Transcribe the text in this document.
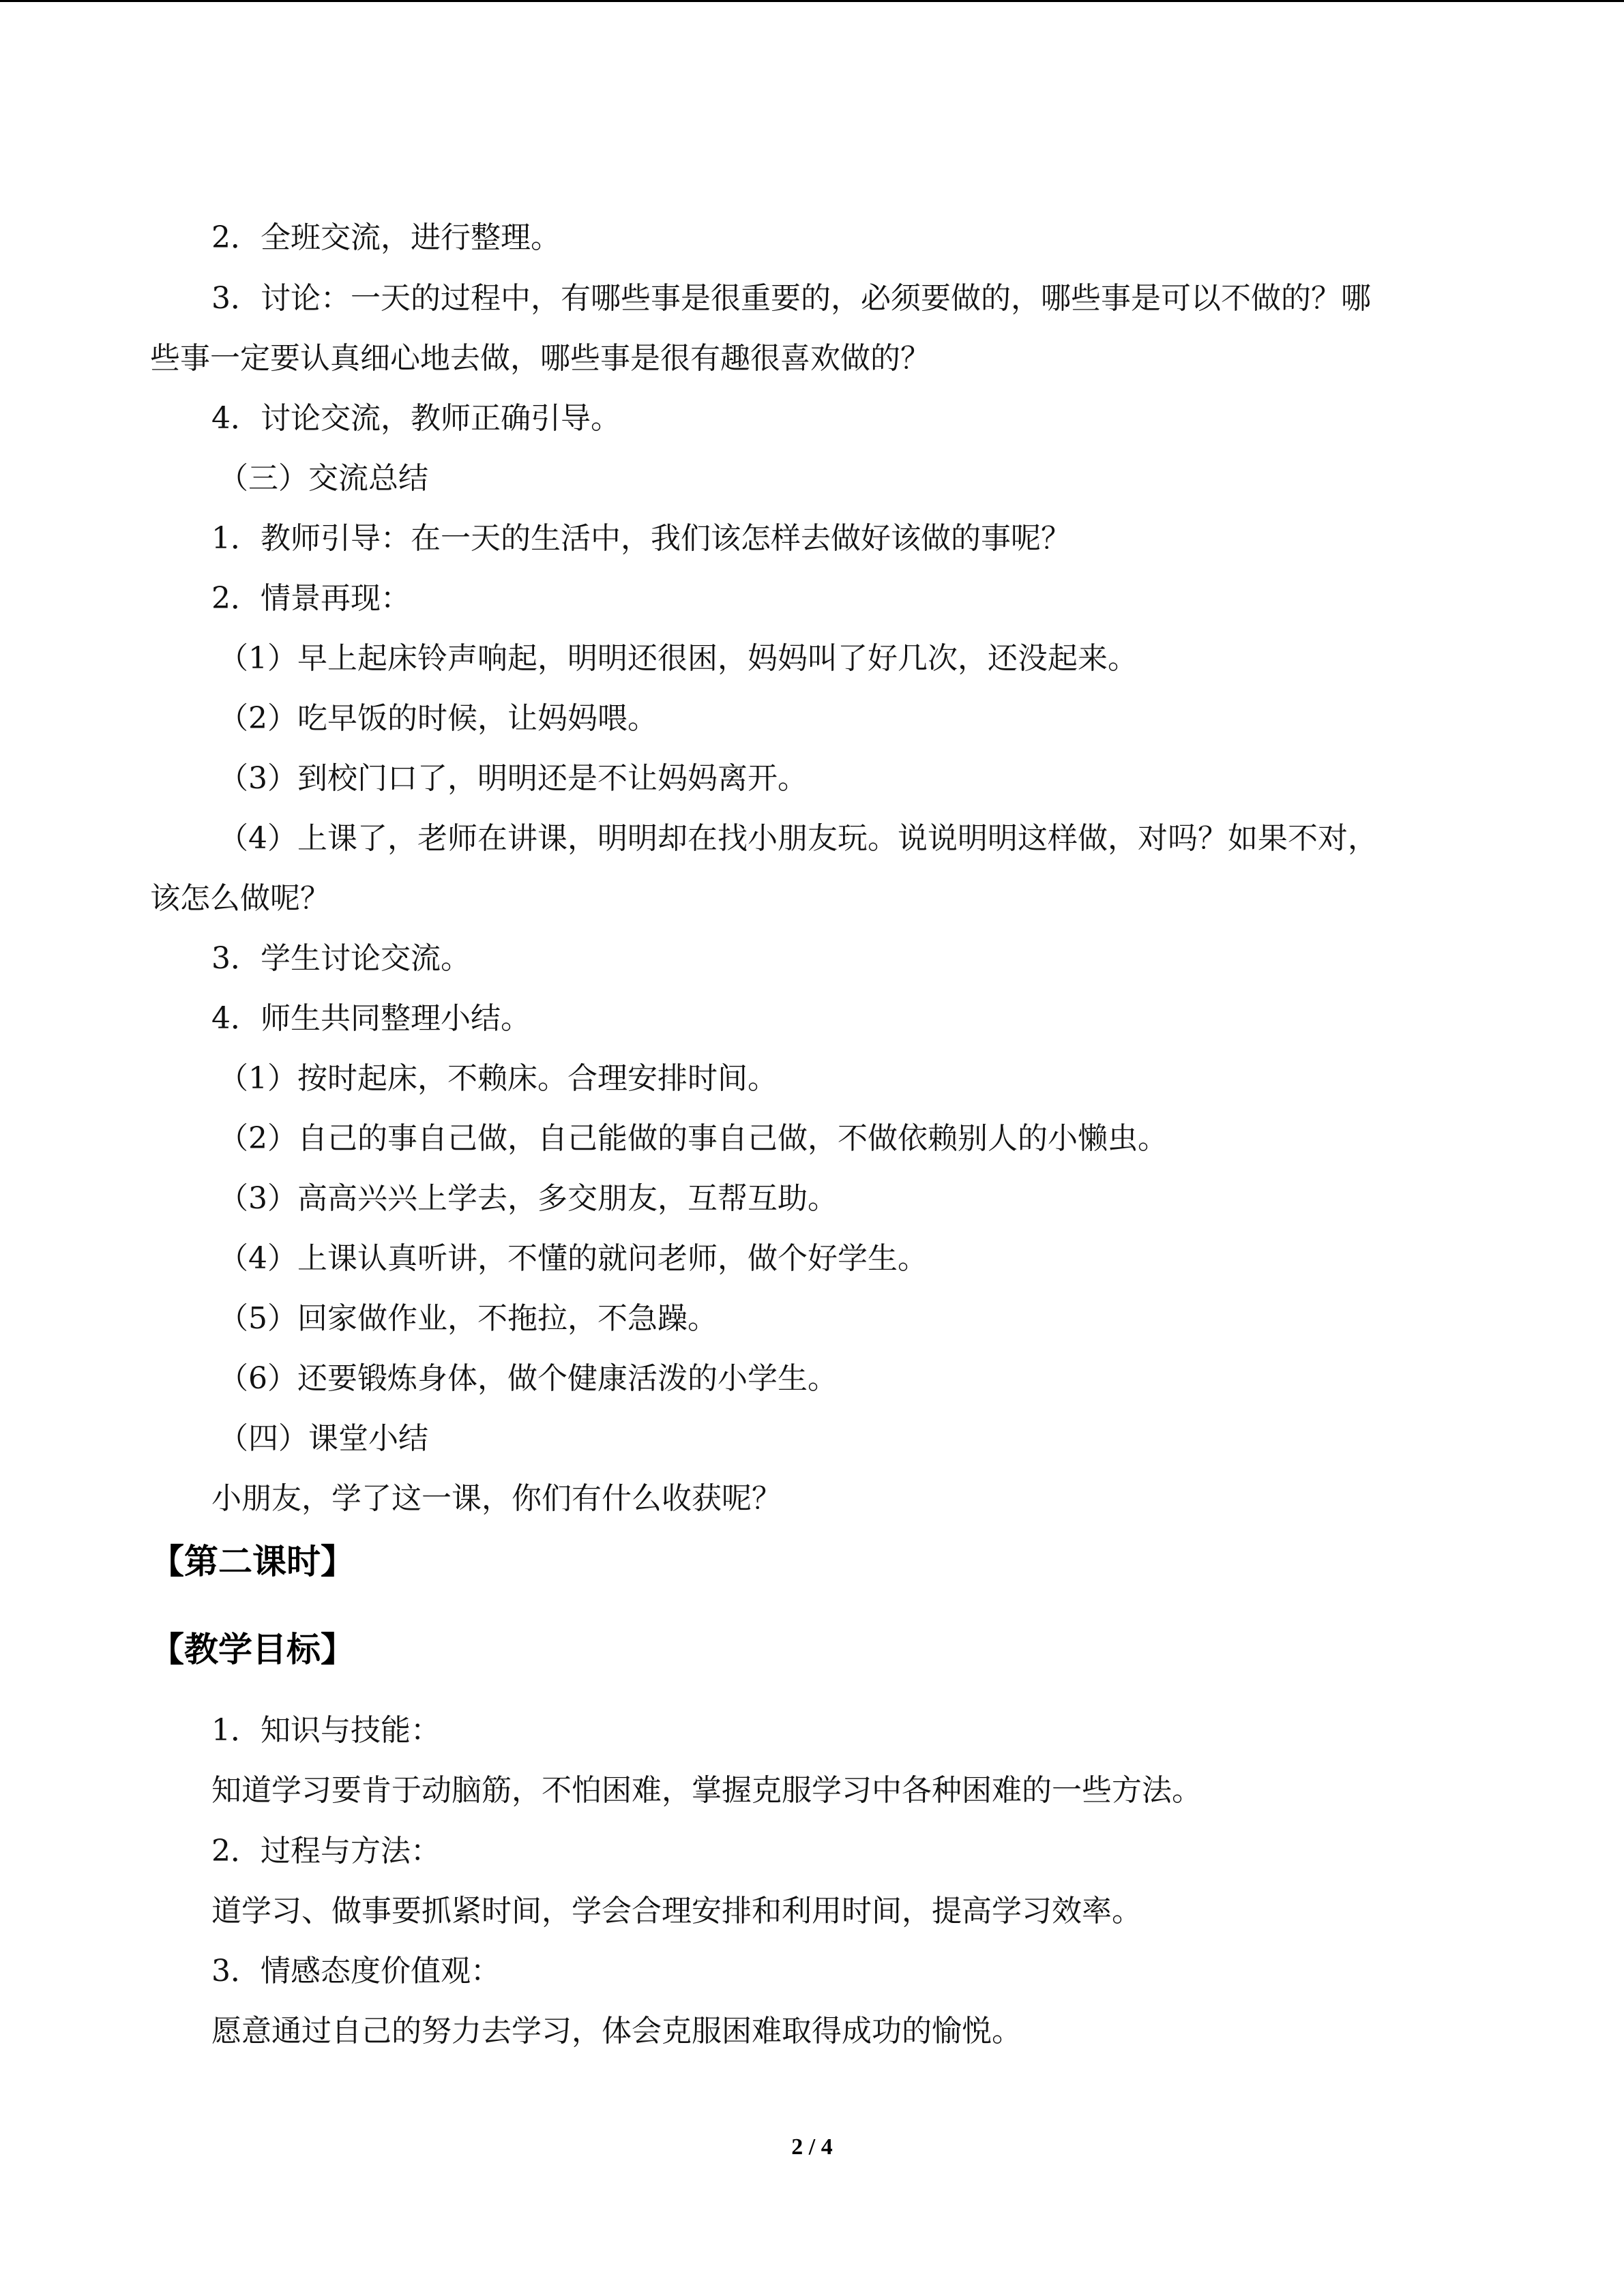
2．全班交流，进行整理。

3．讨论：一天的过程中，有哪些事是很重要的，必须要做的，哪些事是可以不做的？哪

些事一定要认真细心地去做，哪些事是很有趣很喜欢做的？

4．讨论交流，教师正确引导。

（三）交流总结

1．教师引导：在一天的生活中，我们该怎样去做好该做的事呢？

2．情景再现：

（1）早上起床铃声响起，明明还很困，妈妈叫了好几次，还没起来。

（2）吃早饭的时候，让妈妈喂。

（3）到校门口了，明明还是不让妈妈离开。

（4）上课了，老师在讲课，明明却在找小朋友玩。说说明明这样做，对吗？如果不对，

该怎么做呢？

3．学生讨论交流。

4．师生共同整理小结。

（1）按时起床，不赖床。合理安排时间。

（2）自己的事自己做，自己能做的事自己做，不做依赖别人的小懒虫。

（3）高高兴兴上学去，多交朋友，互帮互助。

（4）上课认真听讲，不懂的就问老师，做个好学生。

（5）回家做作业，不拖拉，不急躁。

（6）还要锻炼身体，做个健康活泼的小学生。

（四）课堂小结

小朋友，学了这一课，你们有什么收获呢？

【第二课时】
【教学目标】

1．知识与技能：

知道学习要肯于动脑筋，不怕困难，掌握克服学习中各种困难的一些方法。

2．过程与方法：

道学习、做事要抓紧时间，学会合理安排和利用时间，提高学习效率。

3．情感态度价值观：

愿意通过自己的努力去学习，体会克服困难取得成功的愉悦。

2 / 4
